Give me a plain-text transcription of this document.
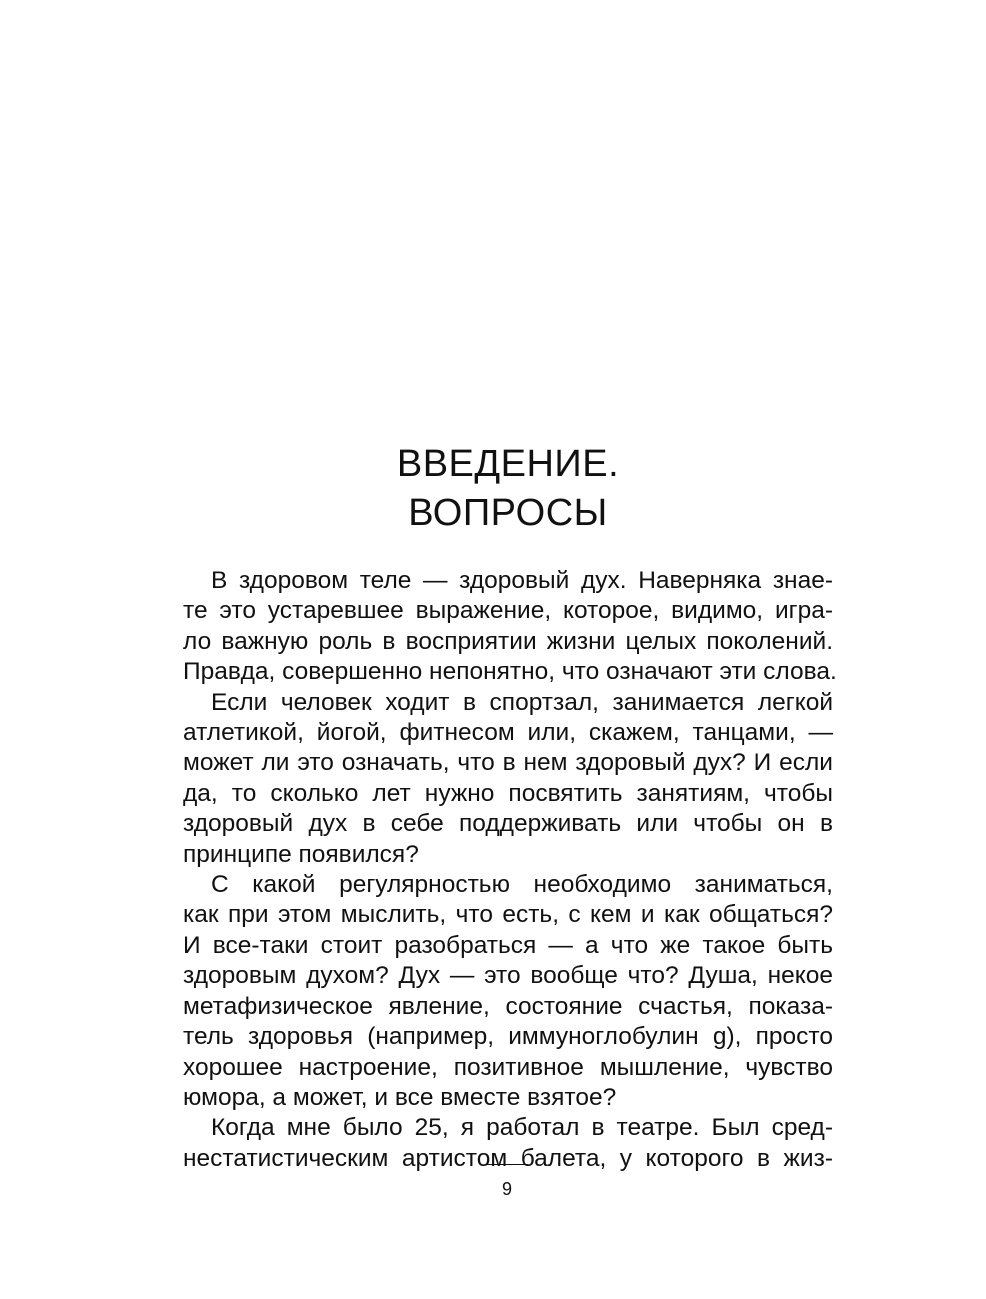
ВВЕДЕНИЕ.
ВОПРОСЫ

В здоровом теле — здоровый дух. Наверняка знае-
те это устаревшее выражение, которое, видимо, игра-
ло важную роль в восприятии жизни целых поколений.
Правда, совершенно непонятно, что означают эти слова.

Если человек ходит в спортзал, занимается легкой
атлетикой, йогой, фитнесом или, скажем, танцами, —
может ли это означать, что в нем здоровый дух? И если
да, то сколько лет нужно посвятить занятиям, чтобы
здоровый дух в себе поддерживать или чтобы он в
принципе появился?

С какой регулярностью необходимо заниматься,
как при этом мыслить, что есть, с кем и как общаться?
И все-таки стоит разобраться — а что же такое быть
здоровым духом? Дух — это вообще что? Душа, некое
метафизическое явление, состояние счастья, показа-
тель здоровья (например, иммуноглобулин g), просто
хорошее настроение, позитивное мышление, чувство
юмора, а может, и все вместе взятое?

Когда мне было 25, я работал в театре. Был сред-
нестатистическим артистом балета, у которого в жиз-

9
